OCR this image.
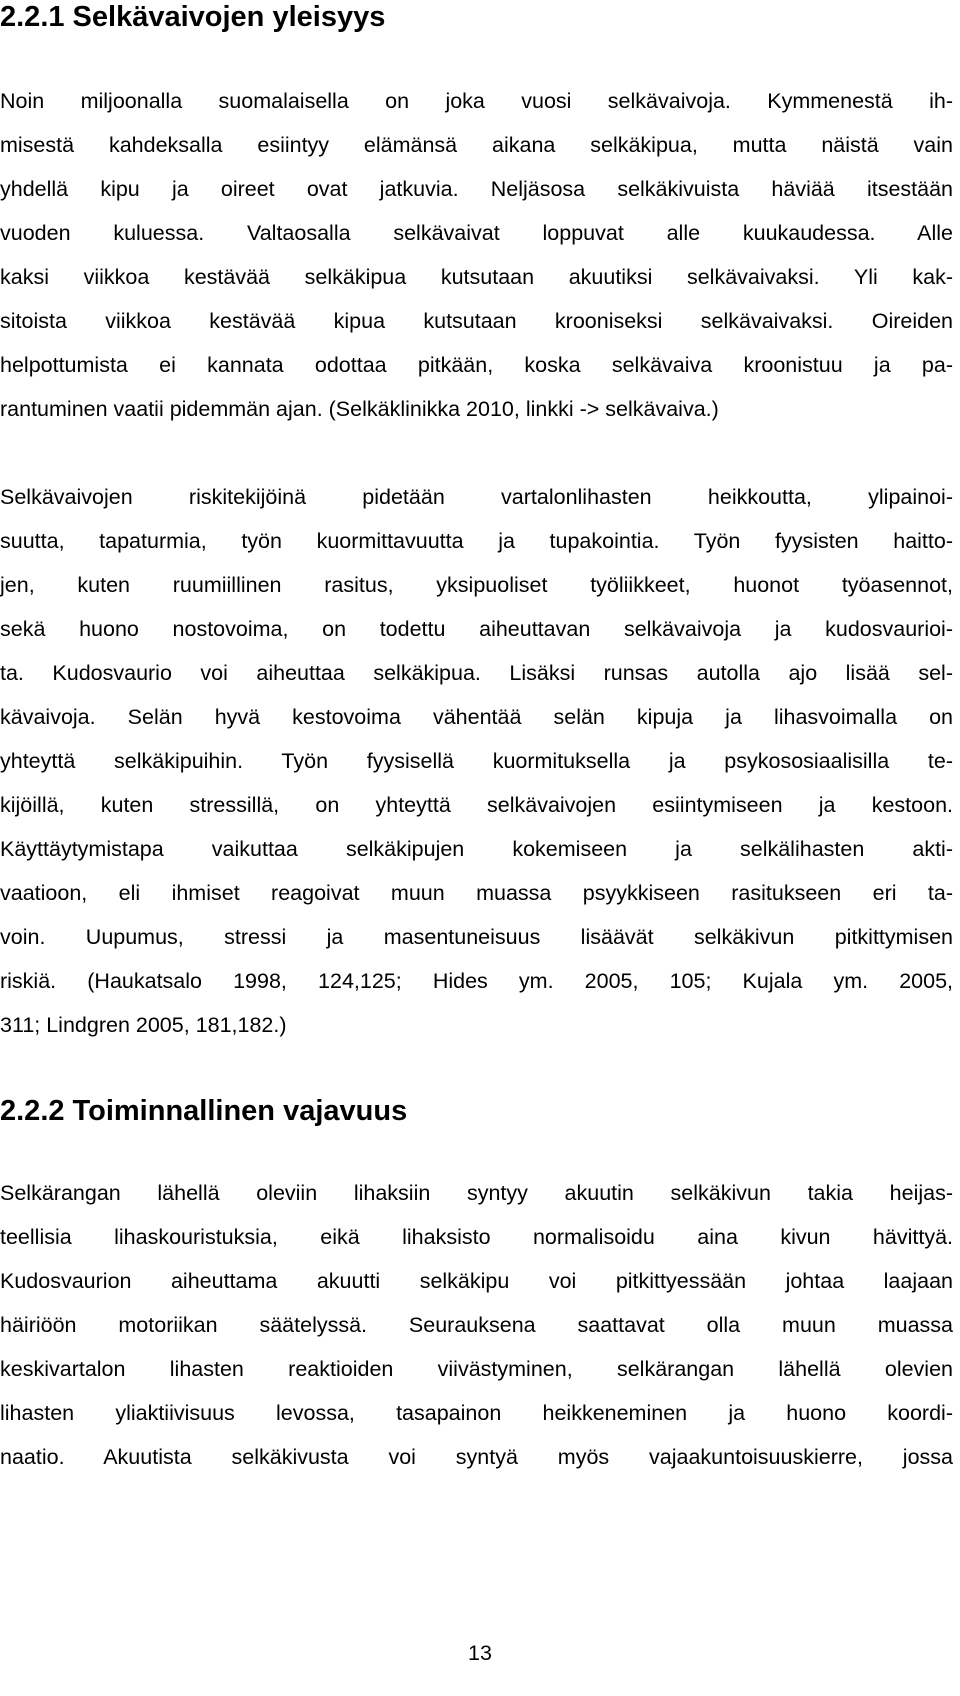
2.2.1 Selkävaivojen yleisyys
Noin miljoonalla suomalaisella on joka vuosi selkävaivoja. Kymmenestä ih-
misestä kahdeksalla esiintyy elämänsä aikana selkäkipua, mutta näistä vain
yhdellä kipu ja oireet ovat jatkuvia. Neljäsosa selkäkivuista häviää itsestään
vuoden kuluessa. Valtaosalla selkävaivat loppuvat alle kuukaudessa. Alle
kaksi viikkoa kestävää selkäkipua kutsutaan akuutiksi selkävaivaksi. Yli kak-
sitoista viikkoa kestävää kipua kutsutaan krooniseksi selkävaivaksi. Oireiden
helpottumista ei kannata odottaa pitkään, koska selkävaiva kroonistuu ja pa-
rantuminen vaatii pidemmän ajan. (Selkäklinikka 2010, linkki -> selkävaiva.)
Selkävaivojen riskitekijöinä pidetään vartalonlihasten heikkoutta, ylipainoi-
suutta, tapaturmia, työn kuormittavuutta ja tupakointia. Työn fyysisten haitto-
jen, kuten ruumiillinen rasitus, yksipuoliset työliikkeet, huonot työasennot,
sekä huono nostovoima, on todettu aiheuttavan selkävaivoja ja kudosvaurioi-
ta. Kudosvaurio voi aiheuttaa selkäkipua. Lisäksi runsas autolla ajo lisää sel-
kävaivoja. Selän hyvä kestovoima vähentää selän kipuja ja lihasvoimalla on
yhteyttä selkäkipuihin. Työn fyysisellä kuormituksella ja psykososiaalisilla te-
kijöillä, kuten stressillä, on yhteyttä selkävaivojen esiintymiseen ja kestoon.
Käyttäytymistapa vaikuttaa selkäkipujen kokemiseen ja selkälihasten akti-
vaatioon, eli ihmiset reagoivat muun muassa psyykkiseen rasitukseen eri ta-
voin. Uupumus, stressi ja masentuneisuus lisäävät selkäkivun pitkittymisen
riskiä. (Haukatsalo 1998, 124,125; Hides ym. 2005, 105; Kujala ym. 2005,
311; Lindgren 2005, 181,182.)
2.2.2 Toiminnallinen vajavuus
Selkärangan lähellä oleviin lihaksiin syntyy akuutin selkäkivun takia heijas-
teellisia lihaskouristuksia, eikä lihaksisto normalisoidu aina kivun hävittyä.
Kudosvaurion aiheuttama akuutti selkäkipu voi pitkittyessään johtaa laajaan
häiriöön motoriikan säätelyssä. Seurauksena saattavat olla muun muassa
keskivartalon lihasten reaktioiden viivästyminen, selkärangan lähellä olevien
lihasten yliaktiivisuus levossa, tasapainon heikkeneminen ja huono koordi-
naatio. Akuutista selkäkivusta voi syntyä myös vajaakuntoisuuskierre, jossa
13
